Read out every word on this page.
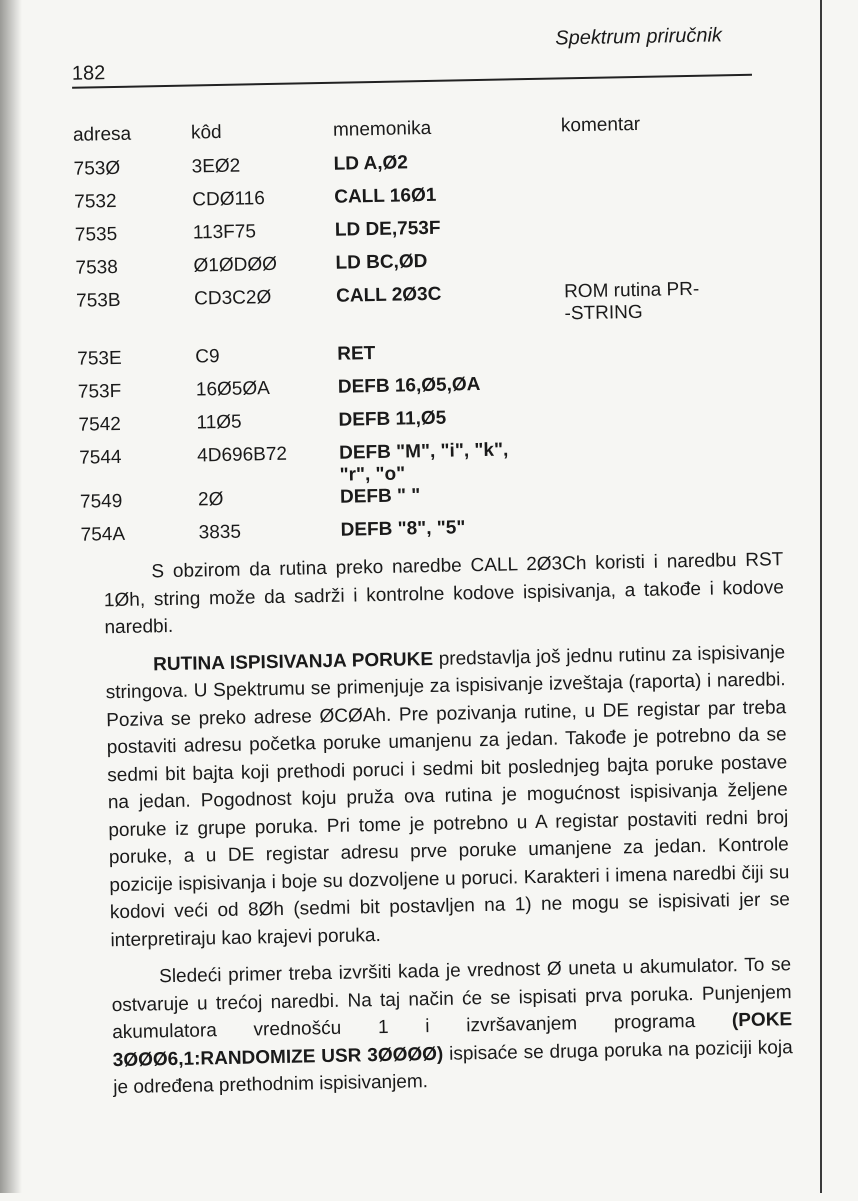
182
Spektrum priručnik
adresa	kôd	mnemonika	komentar
753Ø	3EØ2	LD A,Ø2	
7532	CDØ116	CALL 16Ø1	
7535	113F75	LD DE,753F	
7538	Ø1ØDØØ	LD BC,ØD	
753B	CD3C2Ø	CALL 2Ø3C	ROM rutina PR-
-STRING

753E	C9	RET	
753F	16Ø5ØA	DEFB 16,Ø5,ØA	
7542	11Ø5	DEFB 11,Ø5	
7544	4D696B72	DEFB "M", "i", "k",
"r", "o"	

7549	2Ø	DEFB " "	
754A	3835	DEFB "8", "5"	

S obzirom da rutina preko naredbe CALL 2Ø3Ch koristi i naredbu RST 1Øh, string može da sadrži i kontrolne kodove ispisivanja, a takođe i kodove naredbi.

RUTINA ISPISIVANJA PORUKE predstavlja još jednu rutinu za ispisivanje stringova. U Spektrumu se primenjuje za ispisivanje izveštaja (raporta) i naredbi. Poziva se preko adrese ØCØAh. Pre pozivanja rutine, u DE registar par treba postaviti adresu početka poruke umanjenu za jedan. Takođe je potrebno da se sedmi bit bajta koji prethodi poruci i sedmi bit poslednjeg bajta poruke postave na jedan. Pogodnost koju pruža ova rutina je mogućnost ispisivanja željene poruke iz grupe poruka. Pri tome je potrebno u A registar postaviti redni broj poruke, a u DE registar adresu prve poruke umanjene za jedan. Kontrole pozicije ispisivanja i boje su dozvoljene u poruci. Karakteri i imena naredbi čiji su kodovi veći od 8Øh (sedmi bit postavljen na 1) ne mogu se ispisivati jer se interpretiraju kao krajevi poruka.

Sledeći primer treba izvršiti kada je vrednost Ø uneta u akumulator. To se ostvaruje u trećoj naredbi. Na taj način će se ispisati prva poruka. Punjenjem akumulatora vrednošću 1 i izvršavanjem programa (POKE 3ØØØ6,1:RANDOMIZE USR 3ØØØØ) ispisaće se druga poruka na poziciji koja je određena prethodnim ispisivanjem.
